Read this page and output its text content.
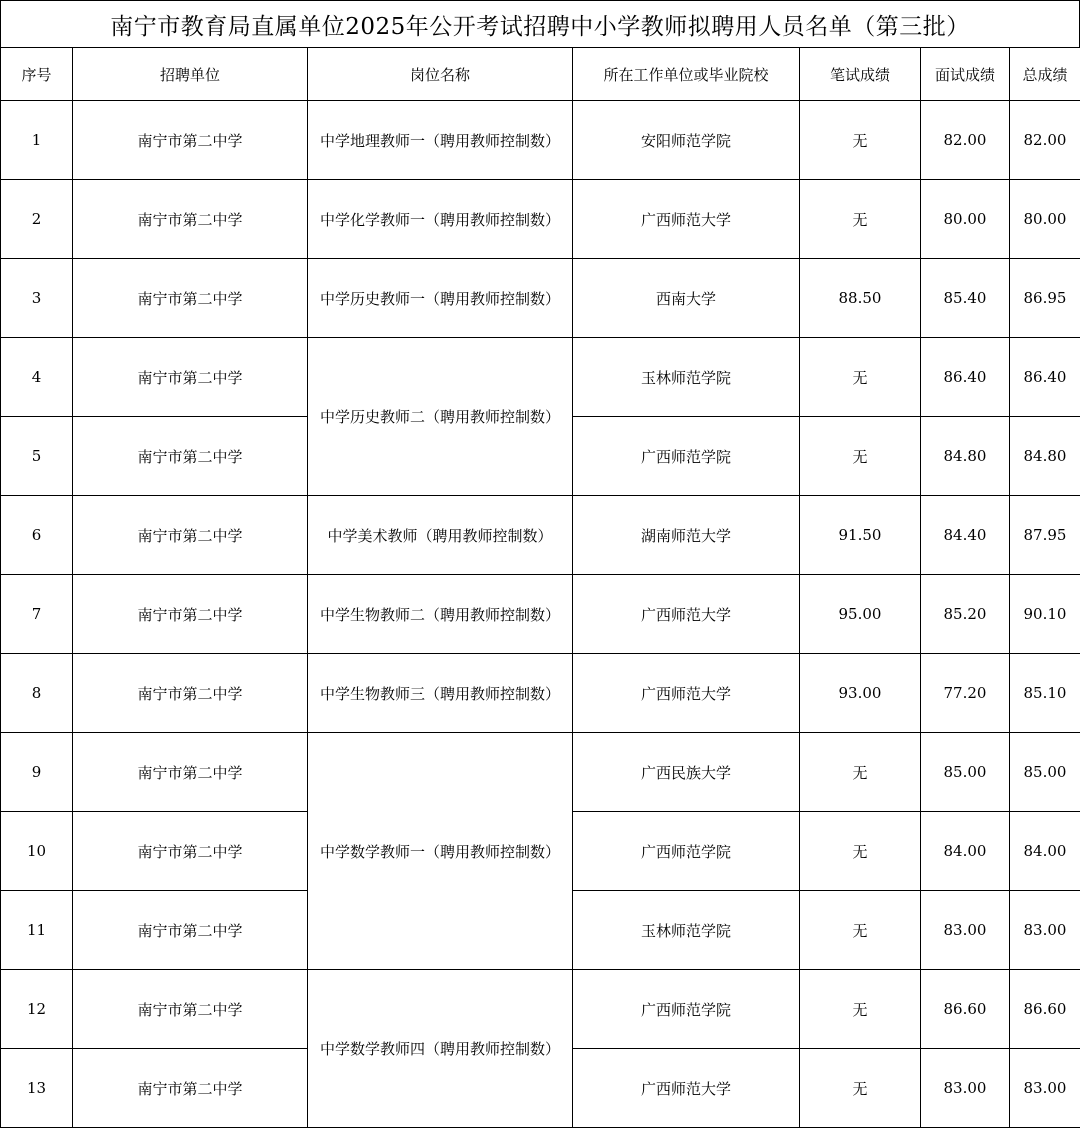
南宁市教育局直属单位2025年公开考试招聘中小学教师拟聘用人员名单（第三批）
序号	招聘单位	岗位名称	所在工作单位或毕业院校	笔试成绩	面试成绩	总成绩
1	南宁市第二中学	中学地理教师一（聘用教师控制数）	安阳师范学院	无	82.00	82.00
2	南宁市第二中学	中学化学教师一（聘用教师控制数）	广西师范大学	无	80.00	80.00
3	南宁市第二中学	中学历史教师一（聘用教师控制数）	西南大学	88.50	85.40	86.95
4	南宁市第二中学	中学历史教师二（聘用教师控制数）	玉林师范学院	无	86.40	86.40
5	南宁市第二中学		广西师范学院	无	84.80	84.80
6	南宁市第二中学	中学美术教师（聘用教师控制数）	湖南师范大学	91.50	84.40	87.95
7	南宁市第二中学	中学生物教师二（聘用教师控制数）	广西师范大学	95.00	85.20	90.10
8	南宁市第二中学	中学生物教师三（聘用教师控制数）	广西师范大学	93.00	77.20	85.10
9	南宁市第二中学	中学数学教师一（聘用教师控制数）	广西民族大学	无	85.00	85.00
10	南宁市第二中学		广西师范学院	无	84.00	84.00
11	南宁市第二中学		玉林师范学院	无	83.00	83.00
12	南宁市第二中学	中学数学教师四（聘用教师控制数）	广西师范学院	无	86.60	86.60
13	南宁市第二中学		广西师范大学	无	83.00	83.00
